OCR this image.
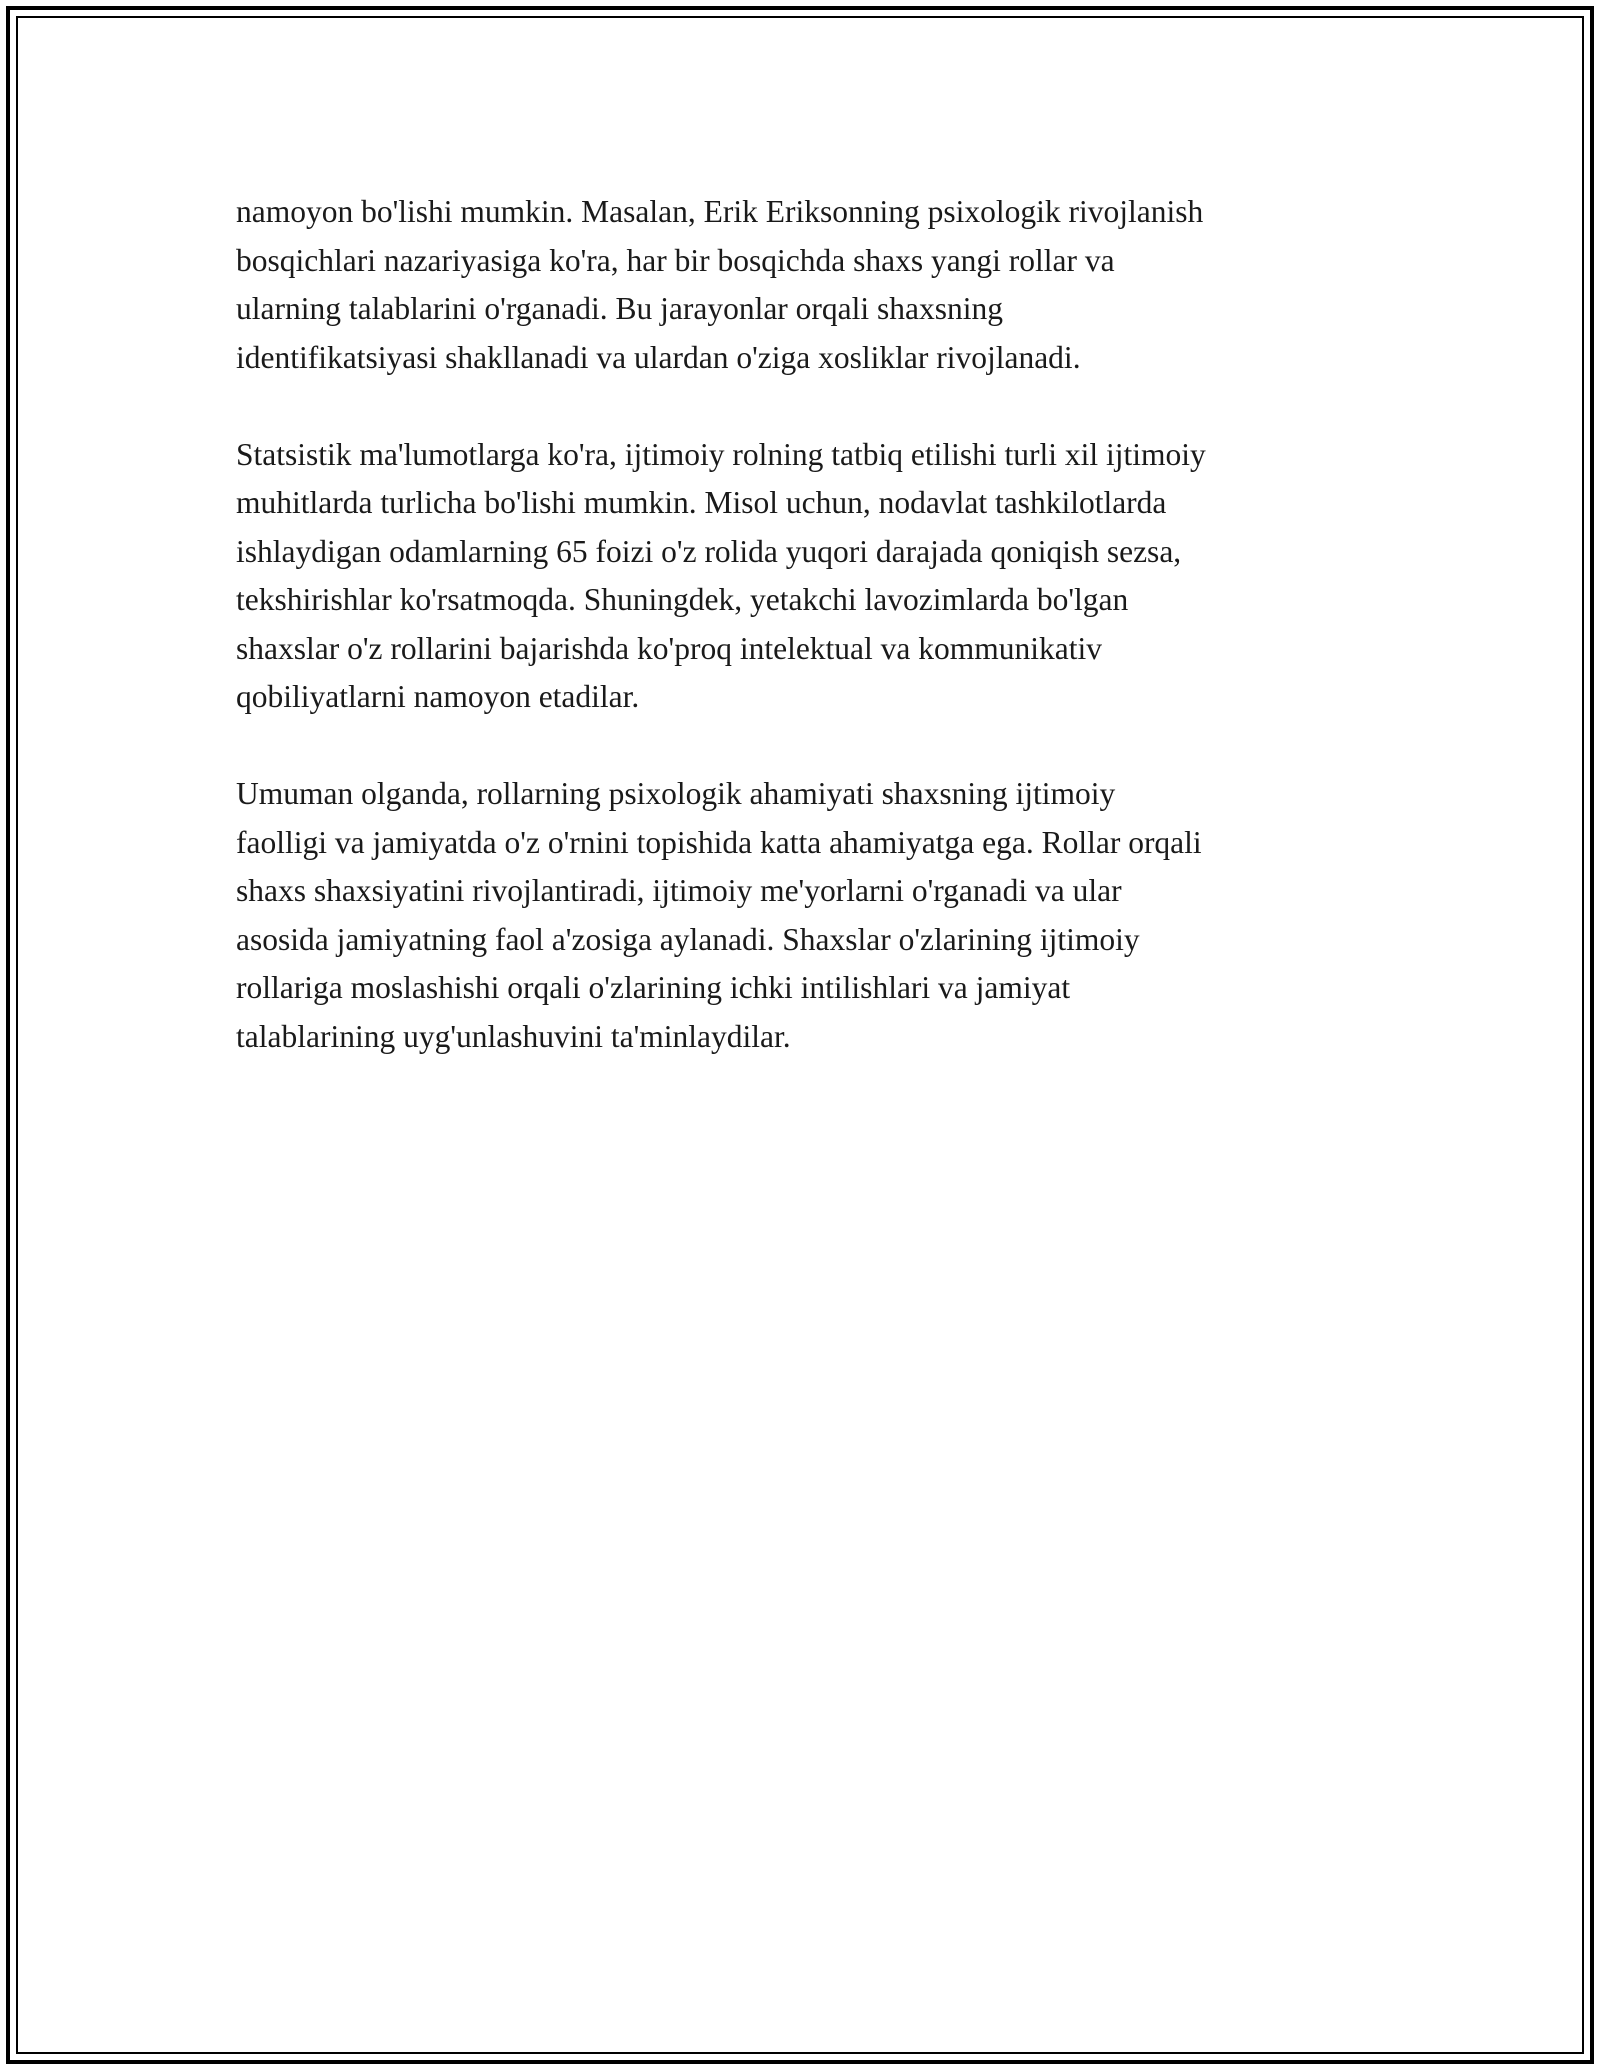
namoyon bo'lishi mumkin. Masalan, Erik Eriksonning psixologik rivojlanish
bosqichlari nazariyasiga ko'ra, har bir bosqichda shaxs yangi rollar va
ularning talablarini o'rganadi. Bu jarayonlar orqali shaxsning
identifikatsiyasi shakllanadi va ulardan o'ziga xosliklar rivojlanadi.

Statsistik ma'lumotlarga ko'ra, ijtimoiy rolning tatbiq etilishi turli xil ijtimoiy
muhitlarda turlicha bo'lishi mumkin. Misol uchun, nodavlat tashkilotlarda
ishlaydigan odamlarning 65 foizi o'z rolida yuqori darajada qoniqish sezsa,
tekshirishlar ko'rsatmoqda. Shuningdek, yetakchi lavozimlarda bo'lgan
shaxslar o'z rollarini bajarishda ko'proq intelektual va kommunikativ
qobiliyatlarni namoyon etadilar.

Umuman olganda, rollarning psixologik ahamiyati shaxsning ijtimoiy
faolligi va jamiyatda o'z o'rnini topishida katta ahamiyatga ega. Rollar orqali
shaxs shaxsiyatini rivojlantiradi, ijtimoiy me'yorlarni o'rganadi va ular
asosida jamiyatning faol a'zosiga aylanadi. Shaxslar o'zlarining ijtimoiy
rollariga moslashishi orqali o'zlarining ichki intilishlari va jamiyat
talablarining uyg'unlashuvini ta'minlaydilar.
